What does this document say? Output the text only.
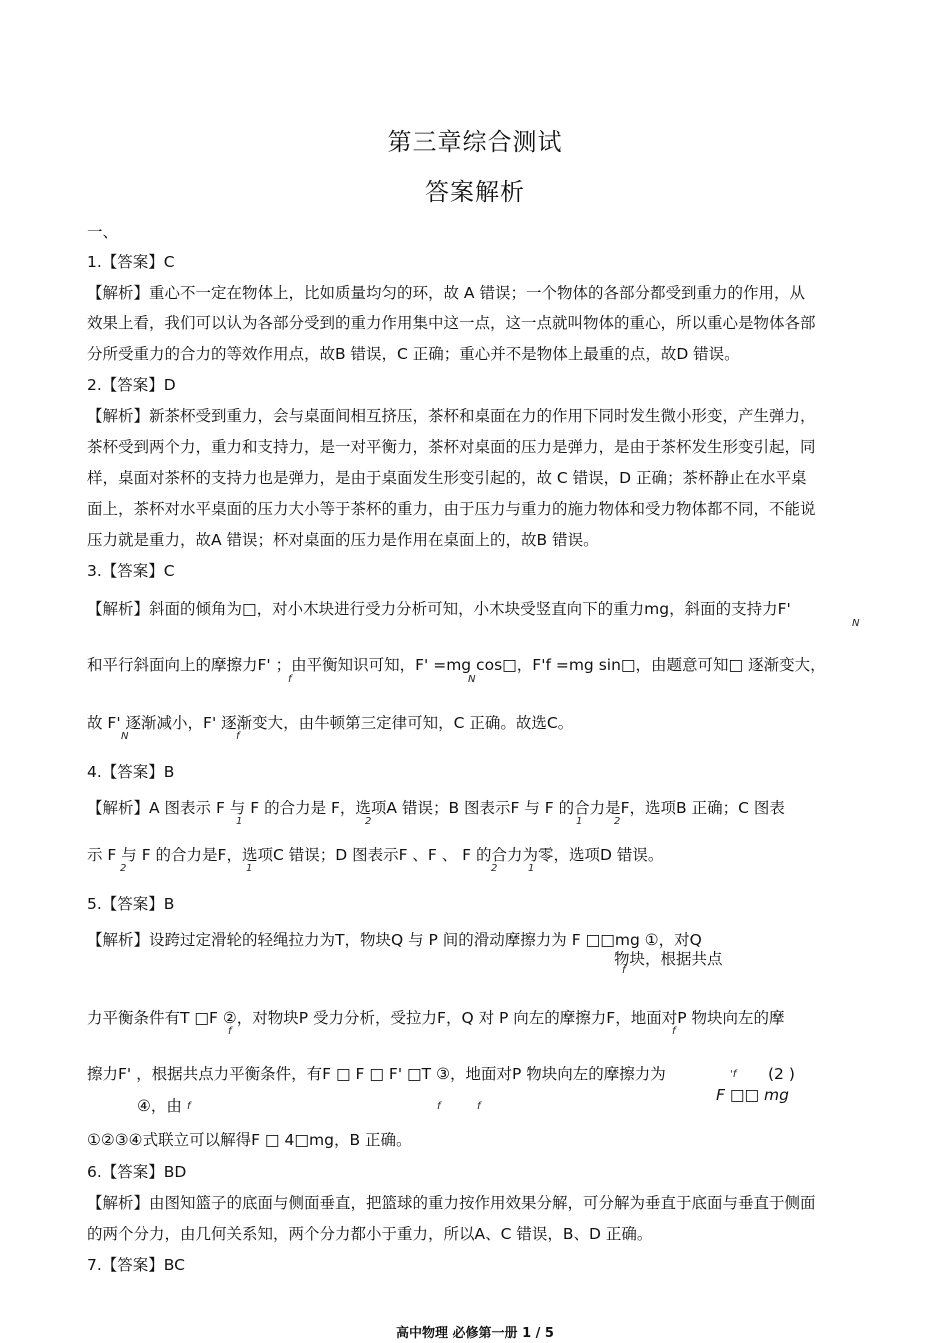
第三章综合测试
答案解析
一、
1.【答案】C
【解析】重心不一定在物体上，比如质量均匀的环，故 A 错误；一个物体的各部分都受到重力的作用，从
效果上看，我们可以认为各部分受到的重力作用集中这一点，这一点就叫物体的重心，所以重心是物体各部
分所受重力的合力的等效作用点，故B 错误，C 正确；重心并不是物体上最重的点，故D 错误。
2.【答案】D
【解析】新茶杯受到重力，会与桌面间相互挤压，茶杯和桌面在力的作用下同时发生微小形变，产生弹力，
茶杯受到两个力，重力和支持力，是一对平衡力，茶杯对桌面的压力是弹力，是由于茶杯发生形变引起，同
样，桌面对茶杯的支持力也是弹力，是由于桌面发生形变引起的，故 C 错误，D 正确；茶杯静止在水平桌
面上，茶杯对水平桌面的压力大小等于茶杯的重力，由于压力与重力的施力物体和受力物体都不同，不能说
压力就是重力，故A 错误；杯对桌面的压力是作用在桌面上的，故B 错误。
3.【答案】C
【解析】斜面的倾角为□，对小木块进行受力分析可知，小木块受竖直向下的重力mg，斜面的支持力F'
N
和平行斜面向上的摩擦力F' ；由平衡知识可知，F' =mg cos□，F'f =mg sin□，由题意可知□ 逐渐变大，
f	N
故 F' 逐渐减小，F' 逐渐变大，由牛顿第三定律可知，C 正确。故选C。
N	f
4.【答案】B
【解析】A 图表示 F 与 F 的合力是 F，选项A 错误；B 图表示F 与 F 的合力是F，选项B 正确；C 图表
1	2	1	2
示 F 与 F 的合力是F，选项C 错误；D 图表示F 、F 、 F 的合力为零，选项D 错误。
2	1	2	1
5.【答案】B
【解析】设跨过定滑轮的轻绳拉力为T，物块Q 与 P 间的滑动摩擦力为 F □□mg ①，对Q
物块，根据共点
f
力平衡条件有T □F ②，对物块P 受力分析，受拉力F，Q 对 P 向左的摩擦力F，地面对P 物块向左的摩
f	f
擦力F' ，根据共点力平衡条件，有F □ F □ F' □T ③，地面对P 物块向左的摩擦力为	'f (2 )
④，由 f	f	f
F □□ mg
①②③④式联立可以解得F □ 4□mg，B 正确。
6.【答案】BD
【解析】由图知篮子的底面与侧面垂直，把篮球的重力按作用效果分解，可分解为垂直于底面与垂直于侧面
的两个分力，由几何关系知，两个分力都小于重力，所以A、C 错误，B、D 正确。
7.【答案】BC
高中物理 必修第一册 1 / 5
